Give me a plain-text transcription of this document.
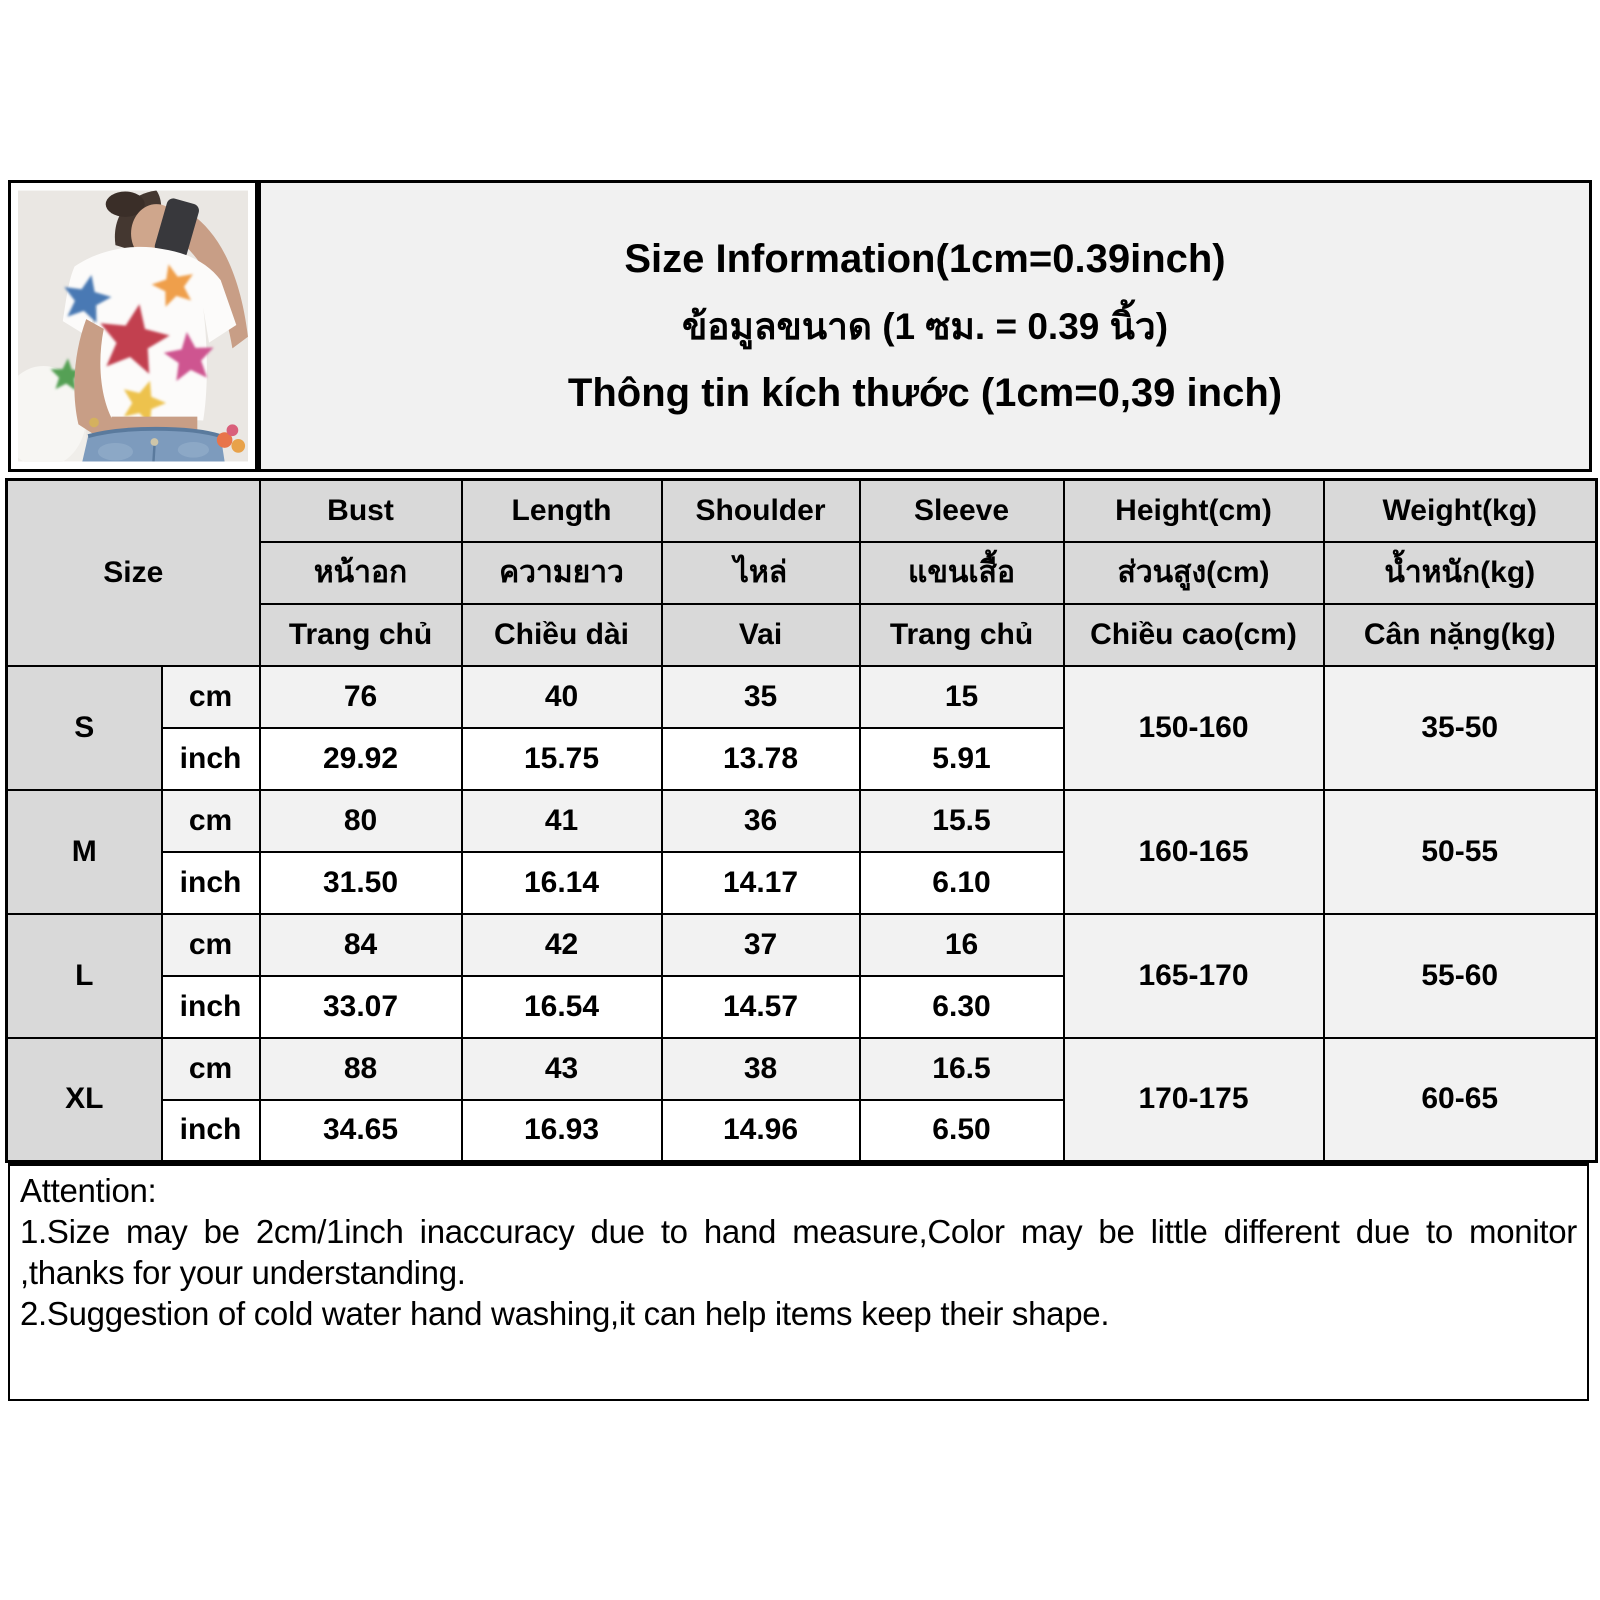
Size Information(1cm=0.39inch)
ข้อมูลขนาด (1 ซม. = 0.39 นิ้ว)
Thông tin kích thước (1cm=0,39 inch)
Size		Bust	Length	Shoulder	Sleeve	Height(cm)	Weight(kg)
		หน้าอก	ความยาว	ไหล่	แขนเสื้อ	ส่วนสูง(cm)	น้ำหนัก(kg)
		Trang chủ	Chiều dài	Vai	Trang chủ	Chiều cao(cm)	Cân nặng(kg)
S	cm	76	40	35	15	150-160	35-50
	inch	29.92	15.75	13.78	5.91		
M	cm	80	41	36	15.5	160-165	50-55
	inch	31.50	16.14	14.17	6.10		
L	cm	84	42	37	16	165-170	55-60
	inch	33.07	16.54	14.57	6.30		
XL	cm	88	43	38	16.5	170-175	60-65
	inch	34.65	16.93	14.96	6.50		
Attention:
1.Size may be 2cm/1inch inaccuracy due to hand measure,Color may be little different due to monitor ,thanks for your understanding.
2.Suggestion of cold water hand washing,it can help items keep their shape.
